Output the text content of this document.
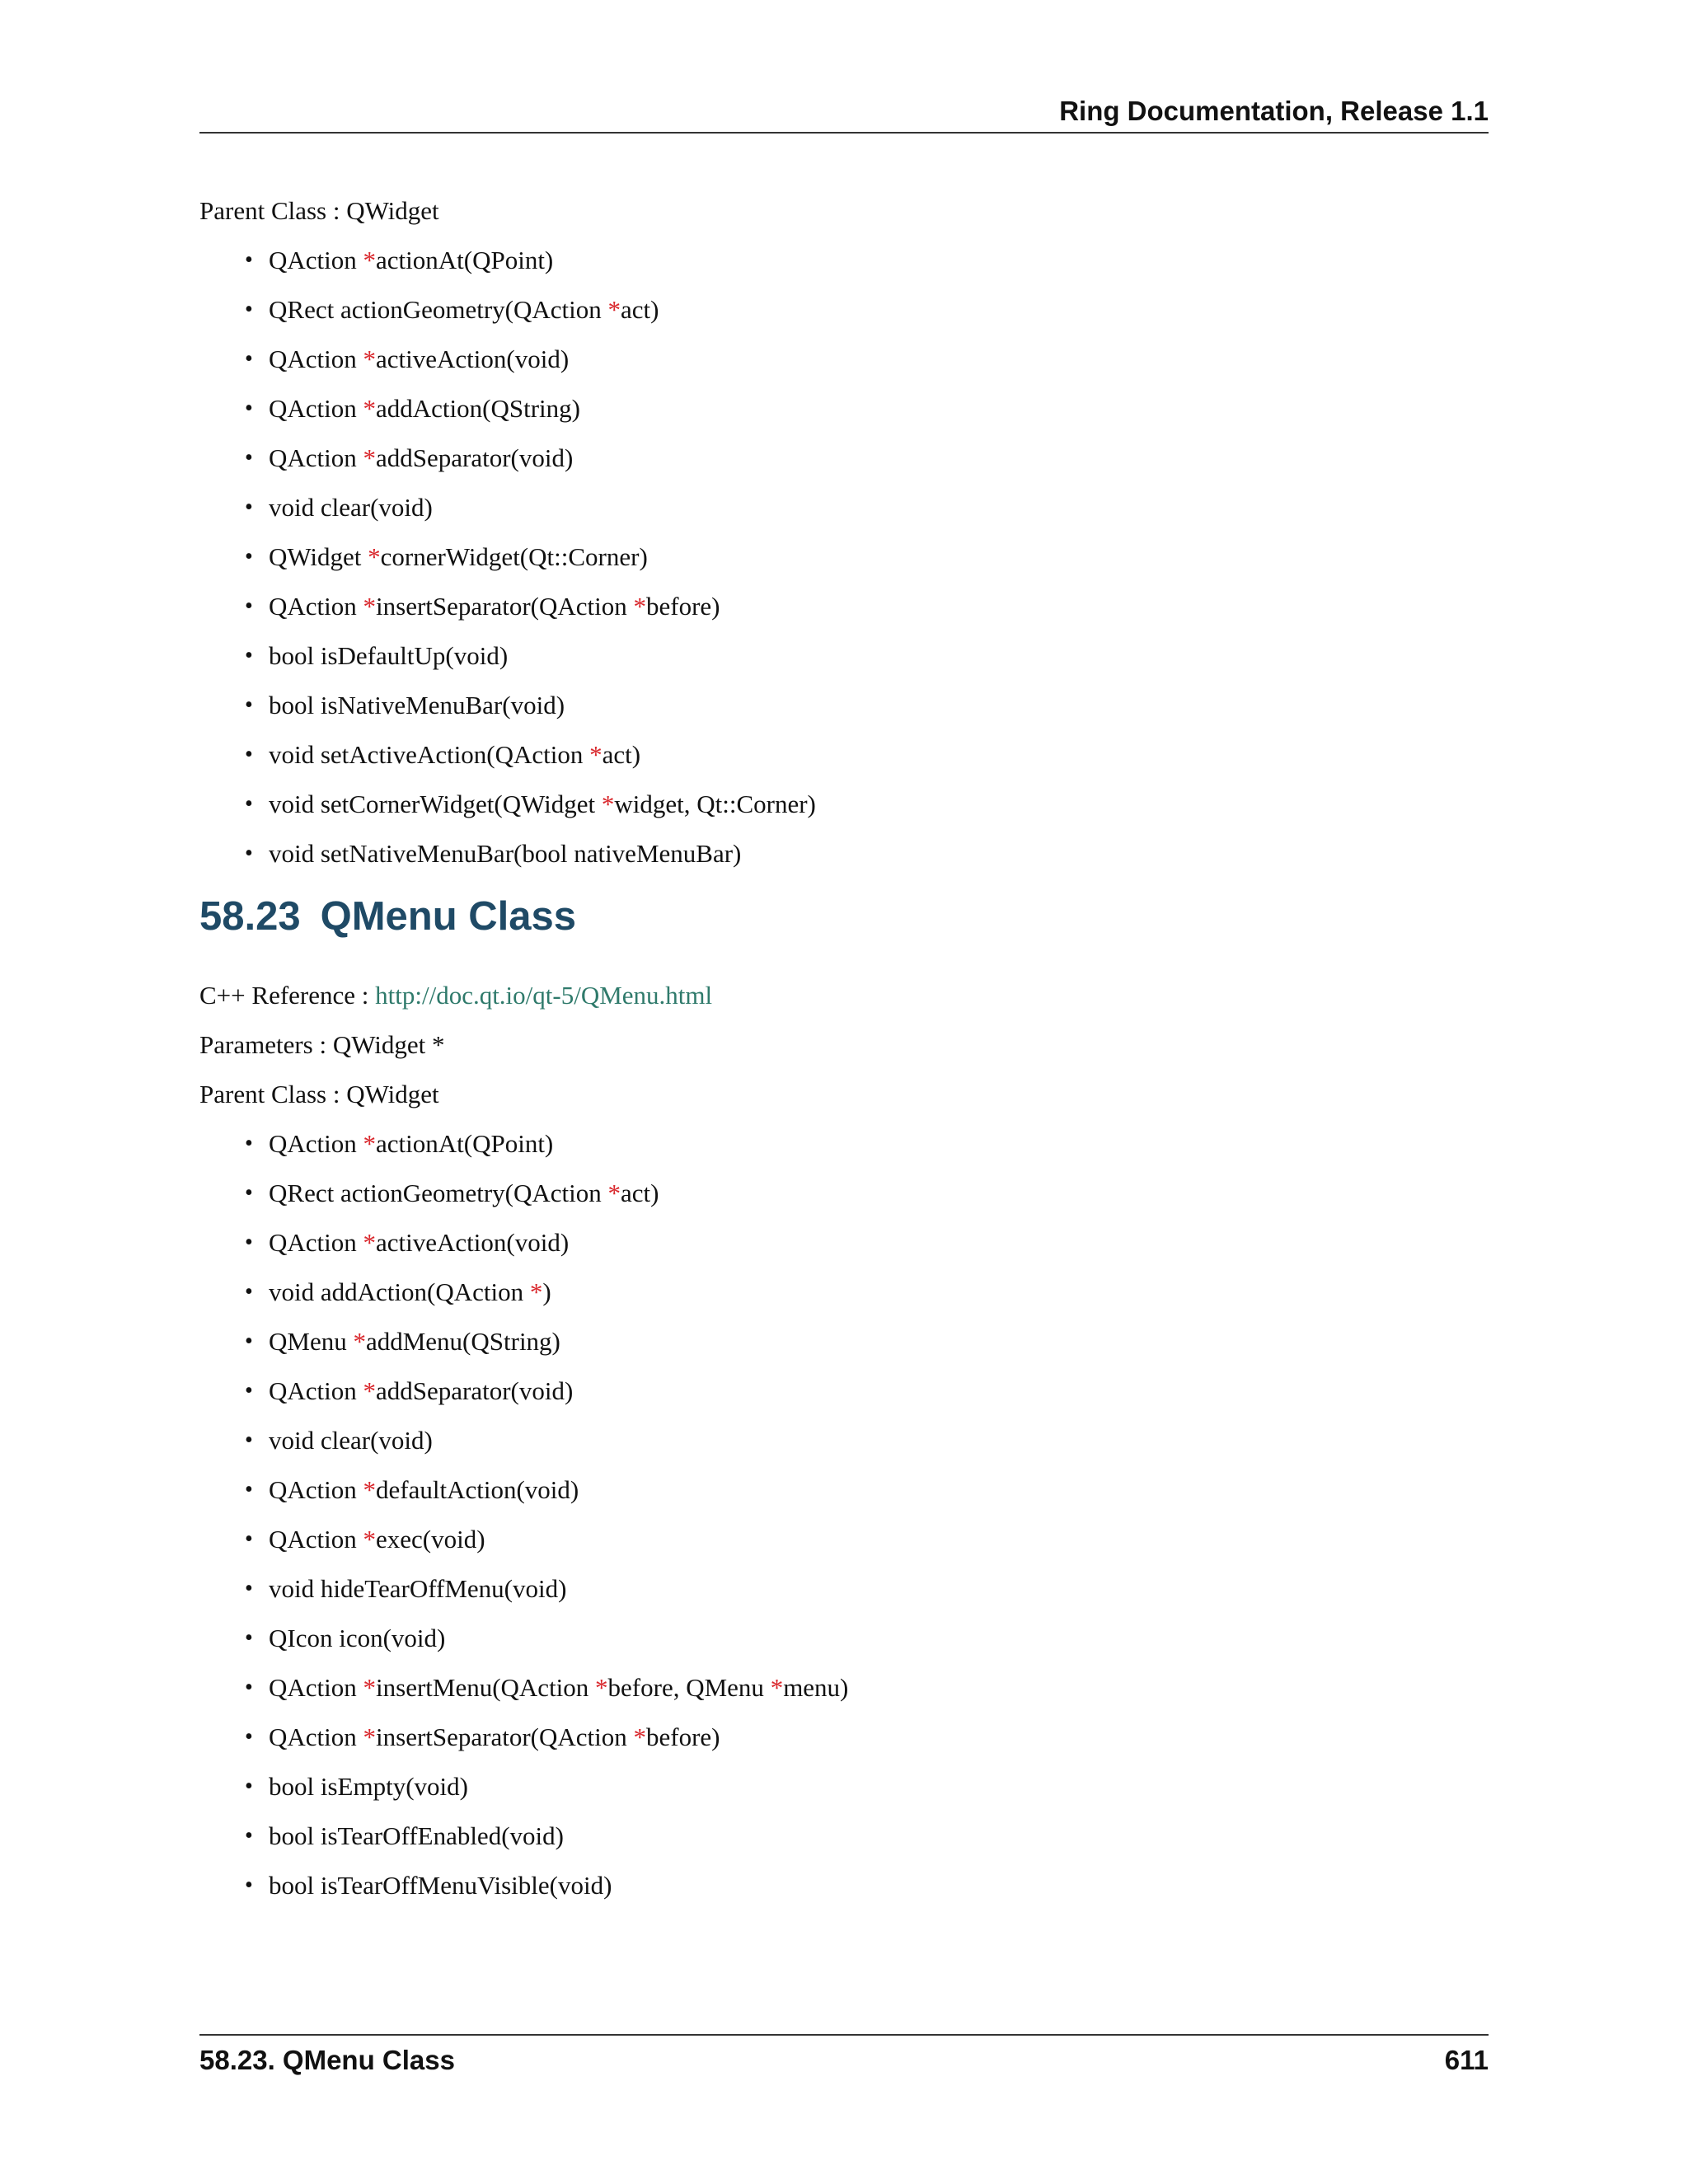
Ring Documentation, Release 1.1
Parent Class : QWidget
• QAction *actionAt(QPoint)
• QRect actionGeometry(QAction *act)
• QAction *activeAction(void)
• QAction *addAction(QString)
• QAction *addSeparator(void)
• void clear(void)
• QWidget *cornerWidget(Qt::Corner)
• QAction *insertSeparator(QAction *before)
• bool isDefaultUp(void)
• bool isNativeMenuBar(void)
• void setActiveAction(QAction *act)
• void setCornerWidget(QWidget *widget, Qt::Corner)
• void setNativeMenuBar(bool nativeMenuBar)
58.23 QMenu Class
C++ Reference : http://doc.qt.io/qt-5/QMenu.html
Parameters : QWidget *
Parent Class : QWidget
• QAction *actionAt(QPoint)
• QRect actionGeometry(QAction *act)
• QAction *activeAction(void)
• void addAction(QAction *)
• QMenu *addMenu(QString)
• QAction *addSeparator(void)
• void clear(void)
• QAction *defaultAction(void)
• QAction *exec(void)
• void hideTearOffMenu(void)
• QIcon icon(void)
• QAction *insertMenu(QAction *before, QMenu *menu)
• QAction *insertSeparator(QAction *before)
• bool isEmpty(void)
• bool isTearOffEnabled(void)
• bool isTearOffMenuVisible(void)
58.23. QMenu Class	611
